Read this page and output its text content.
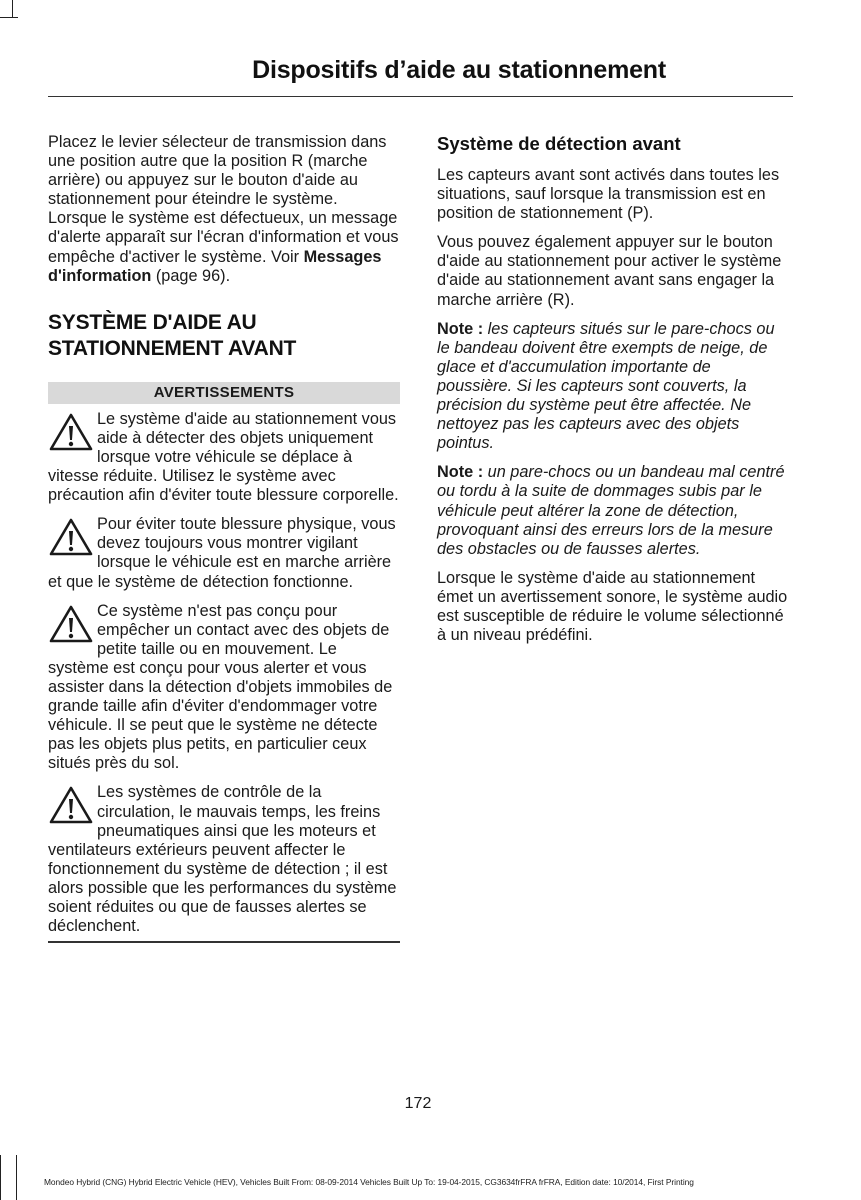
Dispositifs d’aide au stationnement

Placez le levier sélecteur de transmission dans une position autre que la position R (marche arrière) ou appuyez sur le bouton d'aide au stationnement pour éteindre le système. Lorsque le système est défectueux, un message d'alerte apparaît sur l'écran d'information et vous empêche d'activer le système. Voir Messages d'information (page 96).

SYSTÈME D'AIDE AU STATIONNEMENT AVANT
AVERTISSEMENTS

Le système d'aide au stationnement vous aide à détecter des objets uniquement lorsque votre véhicule se déplace à vitesse réduite. Utilisez le système avec précaution afin d'éviter toute blessure corporelle.

Pour éviter toute blessure physique, vous devez toujours vous montrer vigilant lorsque le véhicule est en marche arrière et que le système de détection fonctionne.

Ce système n'est pas conçu pour empêcher un contact avec des objets de petite taille ou en mouvement. Le système est conçu pour vous alerter et vous assister dans la détection d'objets immobiles de grande taille afin d'éviter d'endommager votre véhicule. Il se peut que le système ne détecte pas les objets plus petits, en particulier ceux situés près du sol.

Les systèmes de contrôle de la circulation, le mauvais temps, les freins pneumatiques ainsi que les moteurs et ventilateurs extérieurs peuvent affecter le fonctionnement du système de détection ; il est alors possible que les performances du système soient réduites ou que de fausses alertes se déclenchent.

Système de détection avant

Les capteurs avant sont activés dans toutes les situations, sauf lorsque la transmission est en position de stationnement (P).

Vous pouvez également appuyer sur le bouton d'aide au stationnement pour activer le système d'aide au stationnement avant sans engager la marche arrière (R).

Note : les capteurs situés sur le pare-chocs ou le bandeau doivent être exempts de neige, de glace et d'accumulation importante de poussière. Si les capteurs sont couverts, la précision du système peut être affectée. Ne nettoyez pas les capteurs avec des objets pointus.

Note : un pare-chocs ou un bandeau mal centré ou tordu à la suite de dommages subis par le véhicule peut altérer la zone de détection, provoquant ainsi des erreurs lors de la mesure des obstacles ou de fausses alertes.

Lorsque le système d'aide au stationnement émet un avertissement sonore, le système audio est susceptible de réduire le volume sélectionné à un niveau prédéfini.

172
Mondeo Hybrid (CNG) Hybrid Electric Vehicle (HEV), Vehicles Built From: 08-09-2014 Vehicles Built Up To: 19-04-2015, CG3634frFRA frFRA, Edition date: 10/2014, First Printing
